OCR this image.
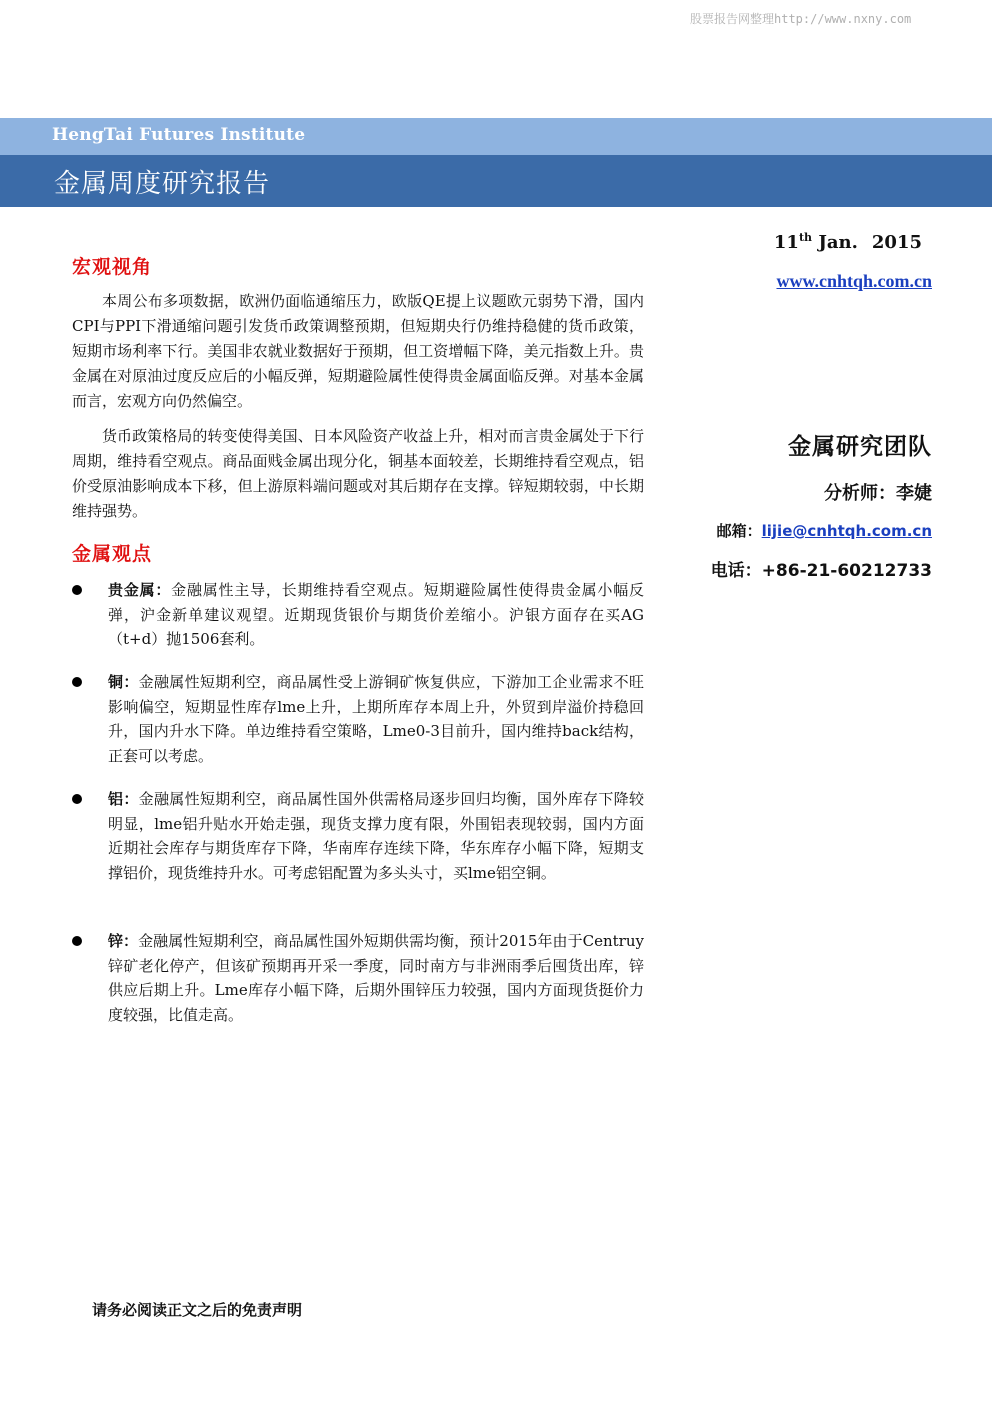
股票报告网整理http://www.nxny.com
HengTai Futures Institute
金属周度研究报告
11th Jan. 2015
www.cnhtqh.com.cn
金属研究团队
分析师：李婕
邮箱：lijie@cnhtqh.com.cn
电话：+86-21-60212733
宏观视角

本周公布多项数据，欧洲仍面临通缩压力，欧版QE提上议题欧元弱势下滑，国内CPI与PPI下滑通缩问题引发货币政策调整预期，但短期央行仍维持稳健的货币政策，短期市场利率下行。美国非农就业数据好于预期，但工资增幅下降，美元指数上升。贵金属在对原油过度反应后的小幅反弹，短期避险属性使得贵金属面临反弹。对基本金属而言，宏观方向仍然偏空。

货币政策格局的转变使得美国、日本风险资产收益上升，相对而言贵金属处于下行周期，维持看空观点。商品面贱金属出现分化，铜基本面较差，长期维持看空观点，铝价受原油影响成本下移，但上游原料端问题或对其后期存在支撑。锌短期较弱，中长期维持强势。

金属观点

贵金属：金融属性主导，长期维持看空观点。短期避险属性使得贵金属小幅反弹，沪金新单建议观望。近期现货银价与期货价差缩小。沪银方面存在买AG（t+d）抛1506套利。

铜：金融属性短期利空，商品属性受上游铜矿恢复供应，下游加工企业需求不旺影响偏空，短期显性库存lme上升，上期所库存本周上升，外贸到岸溢价持稳回升，国内升水下降。单边维持看空策略，Lme0-3目前升，国内维持back结构，正套可以考虑。

铝：金融属性短期利空，商品属性国外供需格局逐步回归均衡，国外库存下降较明显，lme铝升贴水开始走强，现货支撑力度有限，外围铝表现较弱，国内方面近期社会库存与期货库存下降，华南库存连续下降，华东库存小幅下降，短期支撑铝价，现货维持升水。可考虑铝配置为多头头寸，买lme铝空铜。

锌：金融属性短期利空，商品属性国外短期供需均衡，预计2015年由于Centruy锌矿老化停产，但该矿预期再开采一季度，同时南方与非洲雨季后囤货出库，锌供应后期上升。Lme库存小幅下降，后期外围锌压力较强，国内方面现货挺价力度较强，比值走高。

请务必阅读正文之后的免责声明
